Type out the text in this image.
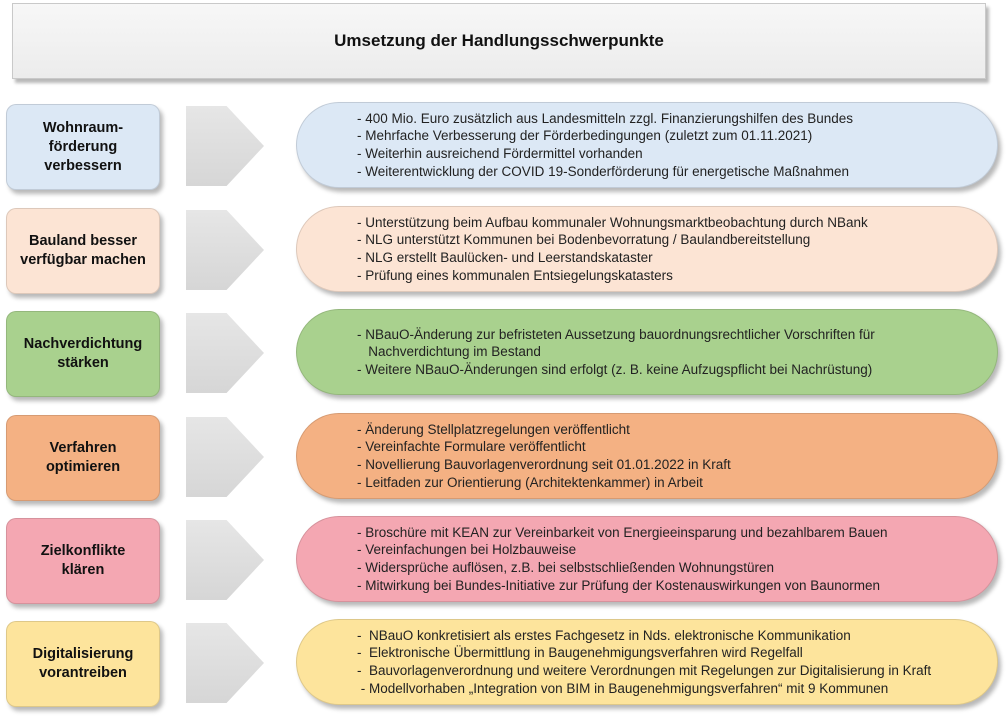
Umsetzung der Handlungsschwerpunkte
Wohnraum-
förderung
verbessern
- 400 Mio. Euro zusätzlich aus Landesmitteln zzgl. Finanzierungshilfen des Bundes
- Mehrfache Verbesserung der Förderbedingungen (zuletzt zum 01.11.2021)
- Weiterhin ausreichend Fördermittel vorhanden
- Weiterentwicklung der COVID 19-Sonderförderung für energetische Maßnahmen
Bauland besser
verfügbar machen
- Unterstützung beim Aufbau kommunaler Wohnungsmarktbeobachtung durch NBank
- NLG unterstützt Kommunen bei Bodenbevorratung / Baulandbereitstellung
- NLG erstellt Baulücken- und Leerstandskataster
- Prüfung eines kommunalen Entsiegelungskatasters
Nachverdichtung
stärken
- NBauO-Änderung zur befristeten Aussetzung bauordnungsrechtlicher Vorschriften für
Nachverdichtung im Bestand
- Weitere NBauO-Änderungen sind erfolgt (z. B. keine Aufzugspflicht bei Nachrüstung)
Verfahren
optimieren
- Änderung Stellplatzregelungen veröffentlicht
- Vereinfachte Formulare veröffentlicht
- Novellierung Bauvorlagenverordnung seit 01.01.2022 in Kraft
- Leitfaden zur Orientierung (Architektenkammer) in Arbeit
Zielkonflikte
klären
- Broschüre mit KEAN zur Vereinbarkeit von Energieeinsparung und bezahlbarem Bauen
- Vereinfachungen bei Holzbauweise
- Widersprüche auflösen, z.B. bei selbstschließenden Wohnungstüren
- Mitwirkung bei Bundes-Initiative zur Prüfung der Kostenauswirkungen von Baunormen
Digitalisierung
vorantreiben
-  NBauO konkretisiert als erstes Fachgesetz in Nds. elektronische Kommunikation
-  Elektronische Übermittlung in Baugenehmigungsverfahren wird Regelfall
-  Bauvorlagenverordnung und weitere Verordnungen mit Regelungen zur Digitalisierung in Kraft
- Modellvorhaben „Integration von BIM in Baugenehmigungsverfahren“ mit 9 Kommunen
